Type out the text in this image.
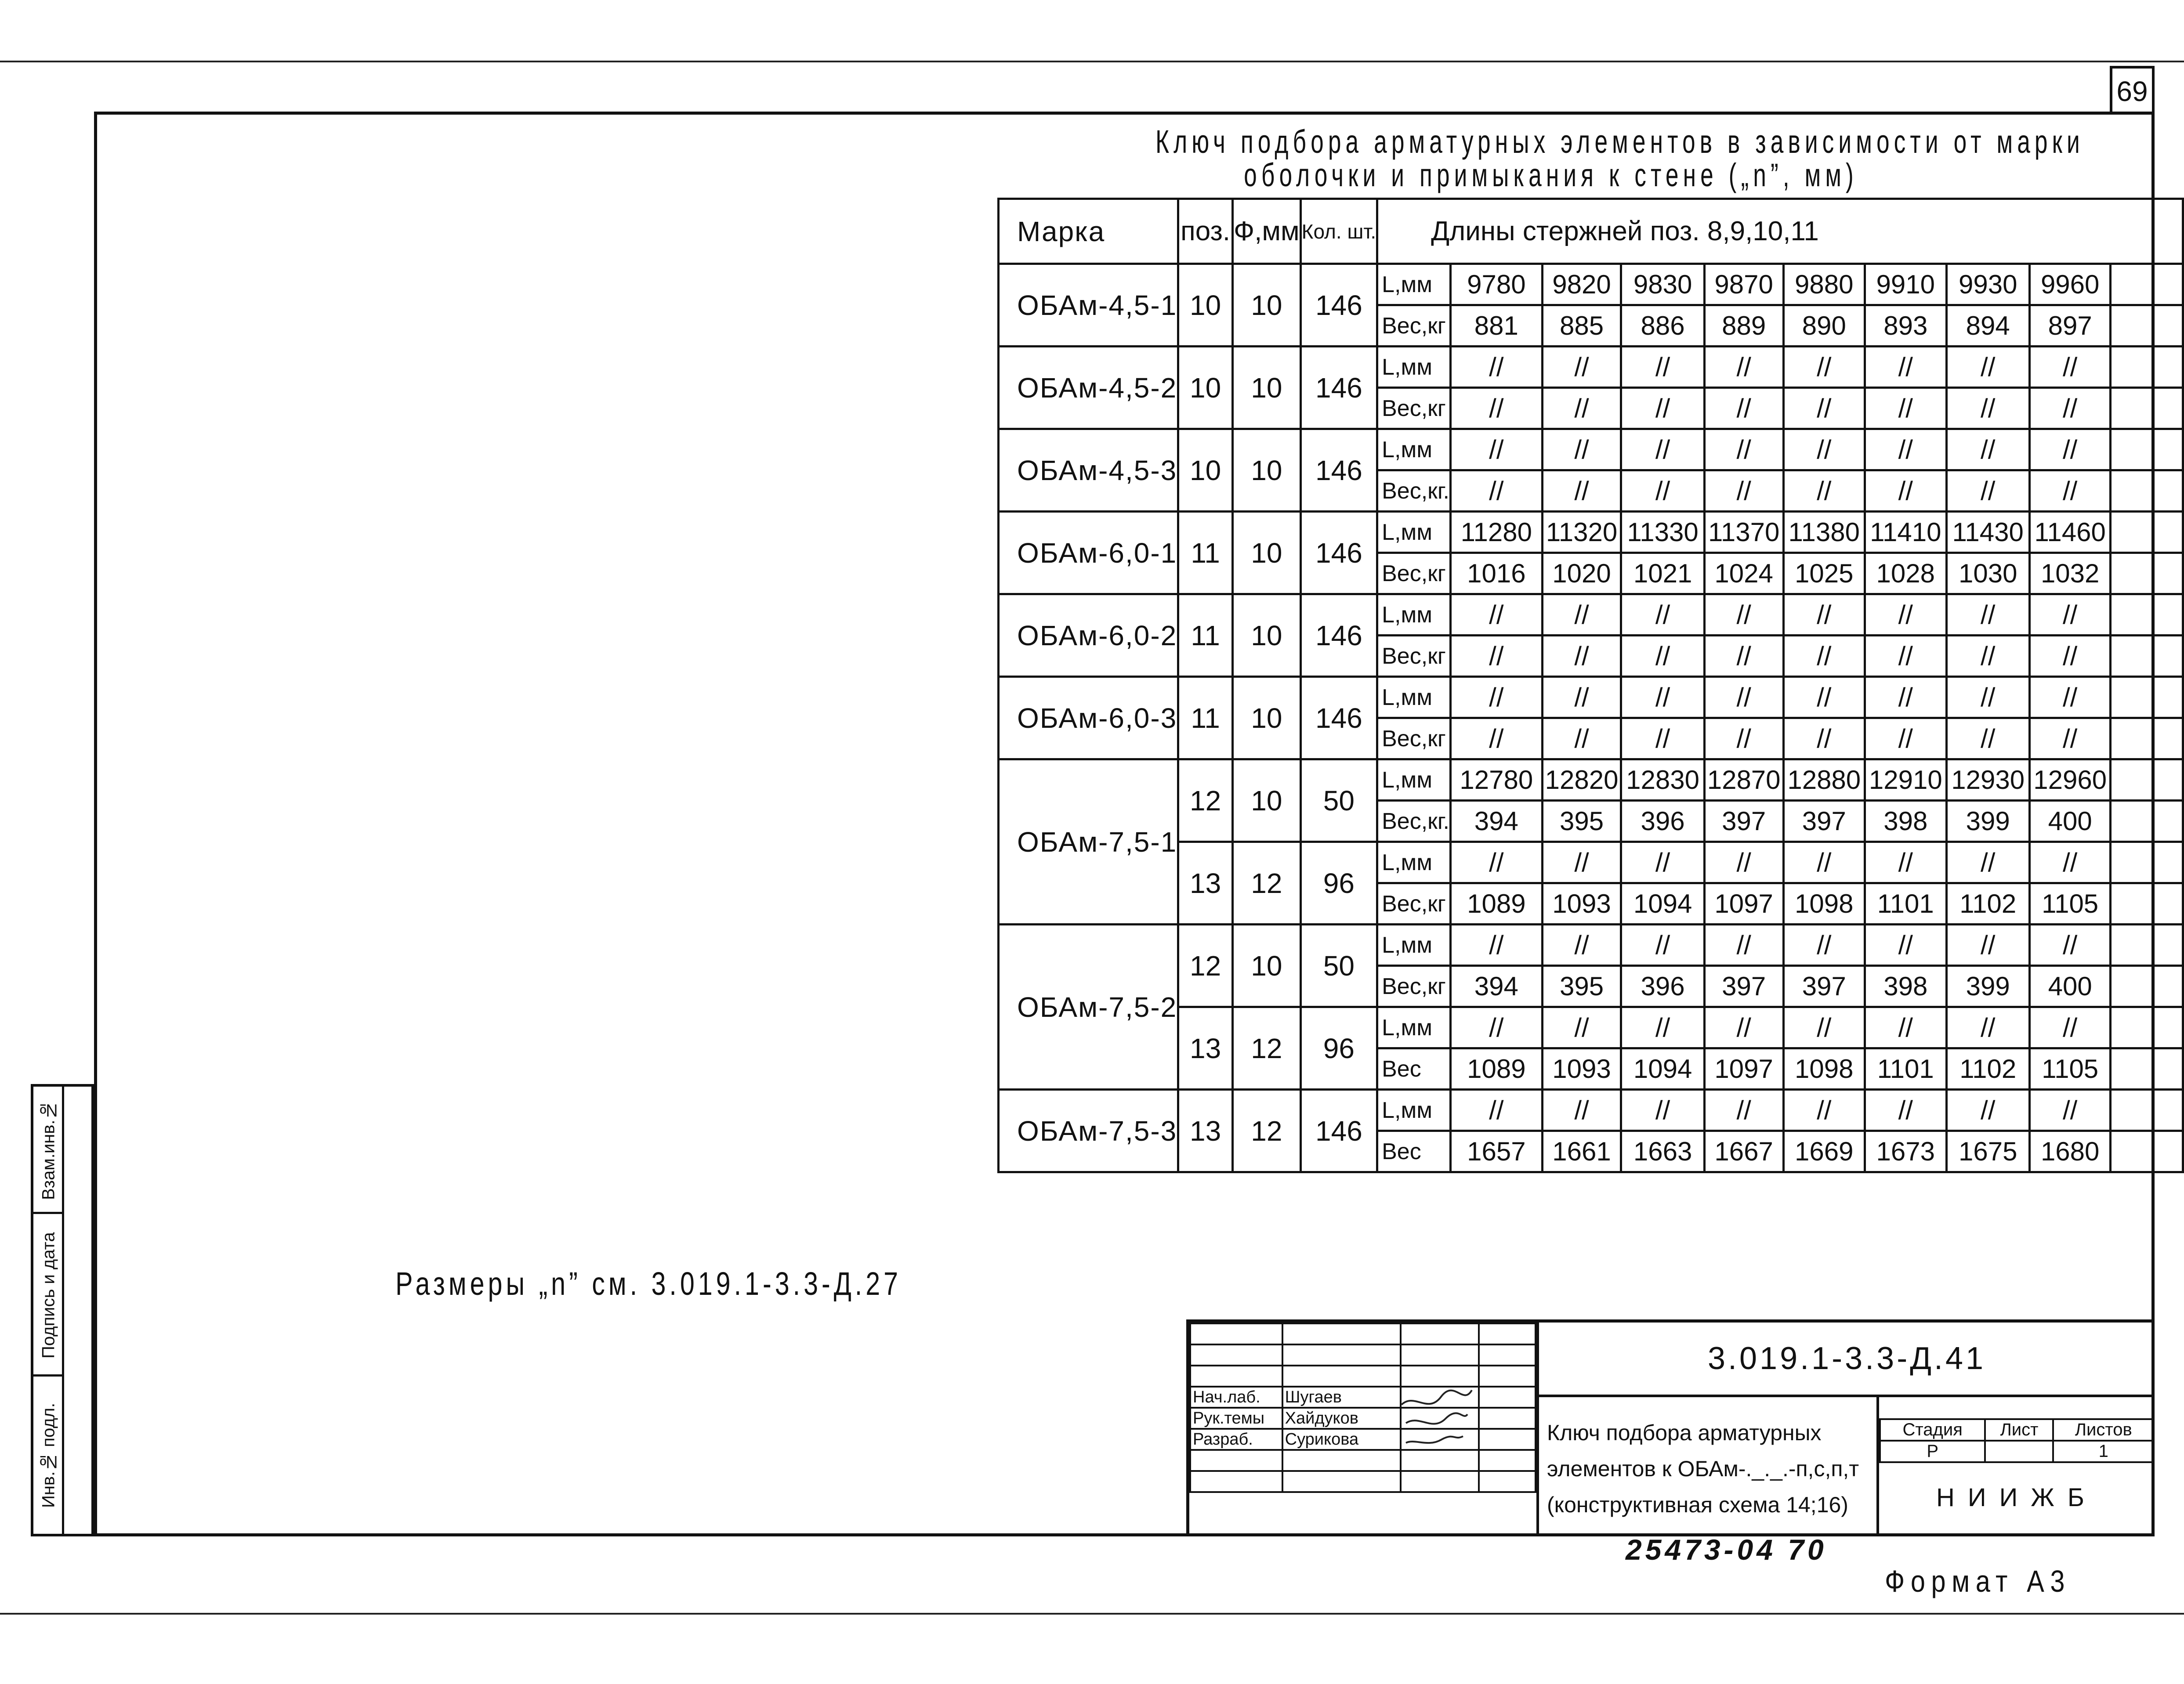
69
Ключ подбора арматурных элементов в зависимости от марки
оболочки и примыкания к стене („n”, мм)
Марка	поз.	Ф,мм	Кол. шт.	Длины стержней поз. 8,9,10,11									
ОБАм-4,5-1	10	10	146	L,мм	9780	9820	9830	9870	9880	9910	9930	9960	
				Вес,кг	881	885	886	889	890	893	894	897	
ОБАм-4,5-2	10	10	146	L,мм	//	//	//	//	//	//	//	//	
				Вес,кг	//	//	//	//	//	//	//	//	
ОБАм-4,5-3	10	10	146	L,мм	//	//	//	//	//	//	//	//	
				Вес,кг.	//	//	//	//	//	//	//	//	
ОБАм-6,0-1	11	10	146	L,мм	11280	11320	11330	11370	11380	11410	11430	11460	
				Вес,кг	1016	1020	1021	1024	1025	1028	1030	1032	
ОБАм-6,0-2	11	10	146	L,мм	//	//	//	//	//	//	//	//	
				Вес,кг	//	//	//	//	//	//	//	//	
ОБАм-6,0-3	11	10	146	L,мм	//	//	//	//	//	//	//	//	
				Вес,кг	//	//	//	//	//	//	//	//	
ОБАм-7,5-1	12	10	50	L,мм	12780	12820	12830	12870	12880	12910	12930	12960	
				Вес,кг.	394	395	396	397	397	398	399	400	
	13	12	96	L,мм	//	//	//	//	//	//	//	//	
				Вес,кг	1089	1093	1094	1097	1098	1101	1102	1105	
ОБАм-7,5-2	12	10	50	L,мм	//	//	//	//	//	//	//	//	
				Вес,кг	394	395	396	397	397	398	399	400	
	13	12	96	L,мм	//	//	//	//	//	//	//	//	
				Вес	1089	1093	1094	1097	1098	1101	1102	1105	
ОБАм-7,5-3	13	12	146	L,мм	//	//	//	//	//	//	//	//	
				Вес	1657	1661	1663	1667	1669	1673	1675	1680	
Размеры „n” см. 3.019.1-3.3-Д.27

Нач.лаб.	Шугаев		
Рук.темы	Хайдуков		
Разраб.	Сурикова		

3.019.1-3.3-Д.41
Ключ подбора арматурных
элементов к ОБАм-._._.-п,с,п,т
(конструктивная схема 14;16)
Стадия	Лист	Листов
Р		1
НИИЖБ
Взам.инв.№
Подпись и дата
Инв.№ подл.
25473-04 70
Формат А3
